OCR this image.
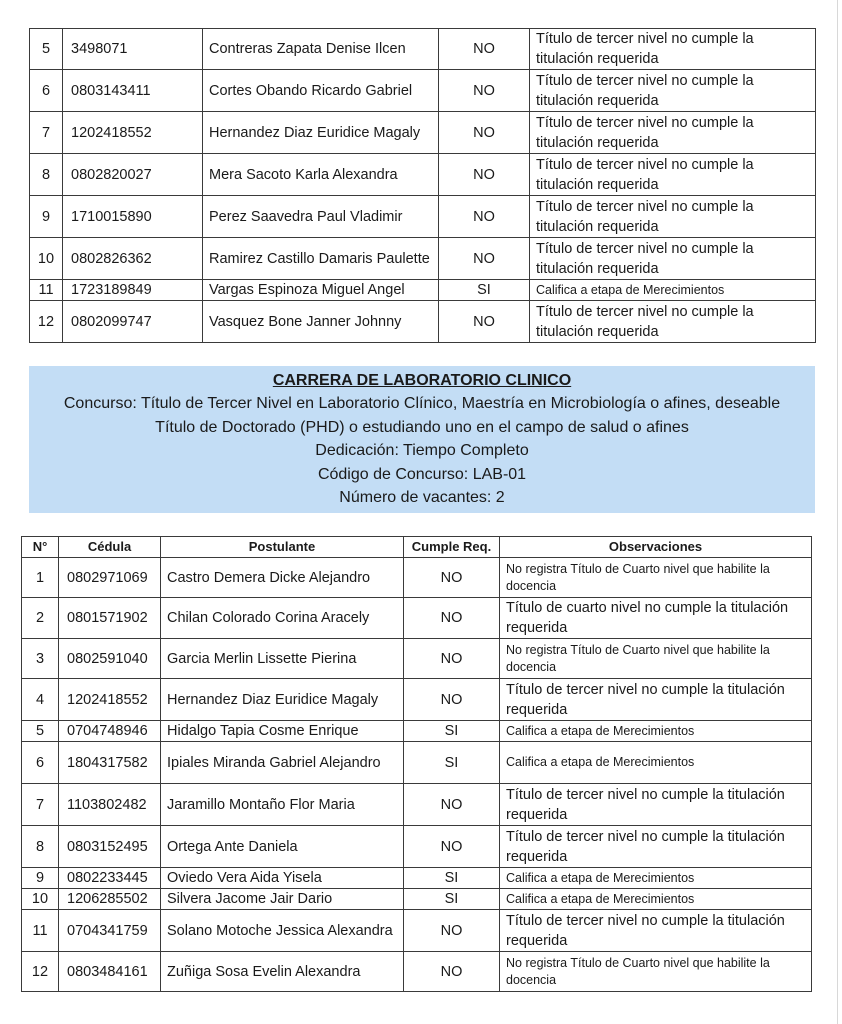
5	3498071	Contreras Zapata Denise Ilcen	NO	Título de tercer nivel no cumple la titulación requerida
6	0803143411	Cortes Obando Ricardo Gabriel	NO	Título de tercer nivel no cumple la titulación requerida
7	1202418552	Hernandez Diaz Euridice Magaly	NO	Título de tercer nivel no cumple la titulación requerida
8	0802820027	Mera Sacoto Karla Alexandra	NO	Título de tercer nivel no cumple la titulación requerida
9	1710015890	Perez Saavedra Paul Vladimir	NO	Título de tercer nivel no cumple la titulación requerida
10	0802826362	Ramirez Castillo Damaris Paulette	NO	Título de tercer nivel no cumple la titulación requerida
11	1723189849	Vargas Espinoza Miguel Angel	SI	Califica a etapa de Merecimientos
12	0802099747	Vasquez Bone Janner Johnny	NO	Título de tercer nivel no cumple la titulación requerida
CARRERA DE LABORATORIO CLINICO
Concurso: Título de Tercer Nivel en Laboratorio Clínico, Maestría en Microbiología o afines, deseable
Título de Doctorado (PHD) o estudiando uno en el campo de salud o afines
Dedicación: Tiempo Completo
Código de Concurso: LAB-01
Número de vacantes: 2
N°	Cédula	Postulante	Cumple Req.	Observaciones
1	0802971069	Castro Demera Dicke Alejandro	NO	No registra Título de Cuarto nivel que habilite la docencia
2	0801571902	Chilan Colorado Corina Aracely	NO	Título de cuarto nivel no cumple la titulación requerida
3	0802591040	Garcia Merlin Lissette Pierina	NO	No registra Título de Cuarto nivel que habilite la docencia
4	1202418552	Hernandez Diaz Euridice Magaly	NO	Título de tercer nivel no cumple la titulación requerida
5	0704748946	Hidalgo Tapia Cosme Enrique	SI	Califica a etapa de Merecimientos
6	1804317582	Ipiales Miranda Gabriel Alejandro	SI	Califica a etapa de Merecimientos
7	1103802482	Jaramillo Montaño Flor Maria	NO	Título de tercer nivel no cumple la titulación requerida
8	0803152495	Ortega Ante Daniela	NO	Título de tercer nivel no cumple la titulación requerida
9	0802233445	Oviedo Vera Aida Yisela	SI	Califica a etapa de Merecimientos
10	1206285502	Silvera Jacome Jair Dario	SI	Califica a etapa de Merecimientos
11	0704341759	Solano Motoche Jessica Alexandra	NO	Título de tercer nivel no cumple la titulación requerida
12	0803484161	Zuñiga Sosa Evelin Alexandra	NO	No registra Título de Cuarto nivel que habilite la docencia
